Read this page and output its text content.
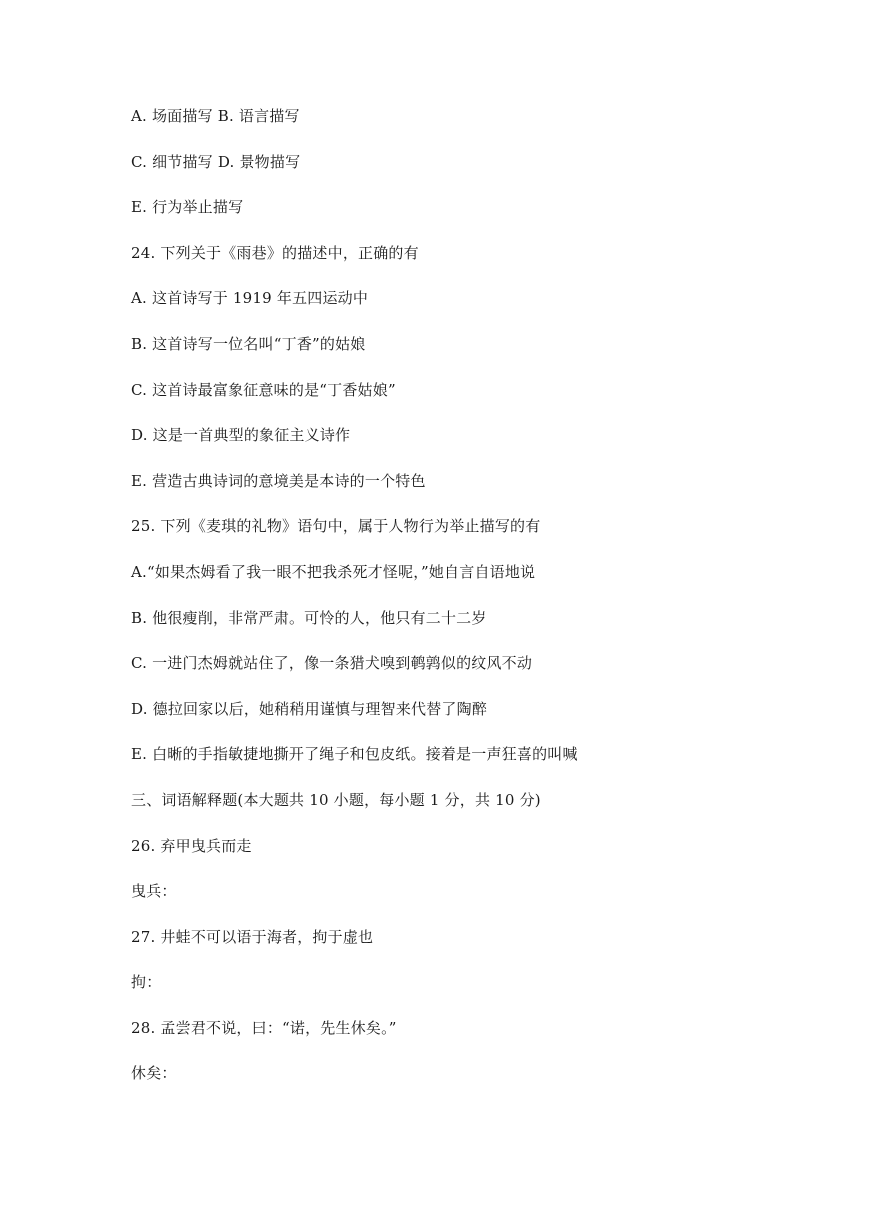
A. 场面描写 B. 语言描写
C. 细节描写 D. 景物描写
E. 行为举止描写
24. 下列关于《雨巷》的描述中，正确的有
A. 这首诗写于 1919 年五四运动中
B. 这首诗写一位名叫“丁香”的姑娘
C. 这首诗最富象征意味的是“丁香姑娘”
D. 这是一首典型的象征主义诗作
E. 营造古典诗词的意境美是本诗的一个特色
25. 下列《麦琪的礼物》语句中，属于人物行为举止描写的有
A.“如果杰姆看了我一眼不把我杀死才怪呢，”她自言自语地说
B. 他很瘦削，非常严肃。可怜的人，他只有二十二岁
C. 一进门杰姆就站住了，像一条猎犬嗅到鹌鹑似的纹风不动
D. 德拉回家以后，她稍稍用谨慎与理智来代替了陶醉
E. 白晰的手指敏捷地撕开了绳子和包皮纸。接着是一声狂喜的叫喊
三、词语解释题(本大题共 10 小题，每小题 1 分，共 10 分)
26. 弃甲曳兵而走
曳兵：
27. 井蛙不可以语于海者，拘于虚也
拘：
28. 孟尝君不说，曰：“诺，先生休矣。”
休矣：
